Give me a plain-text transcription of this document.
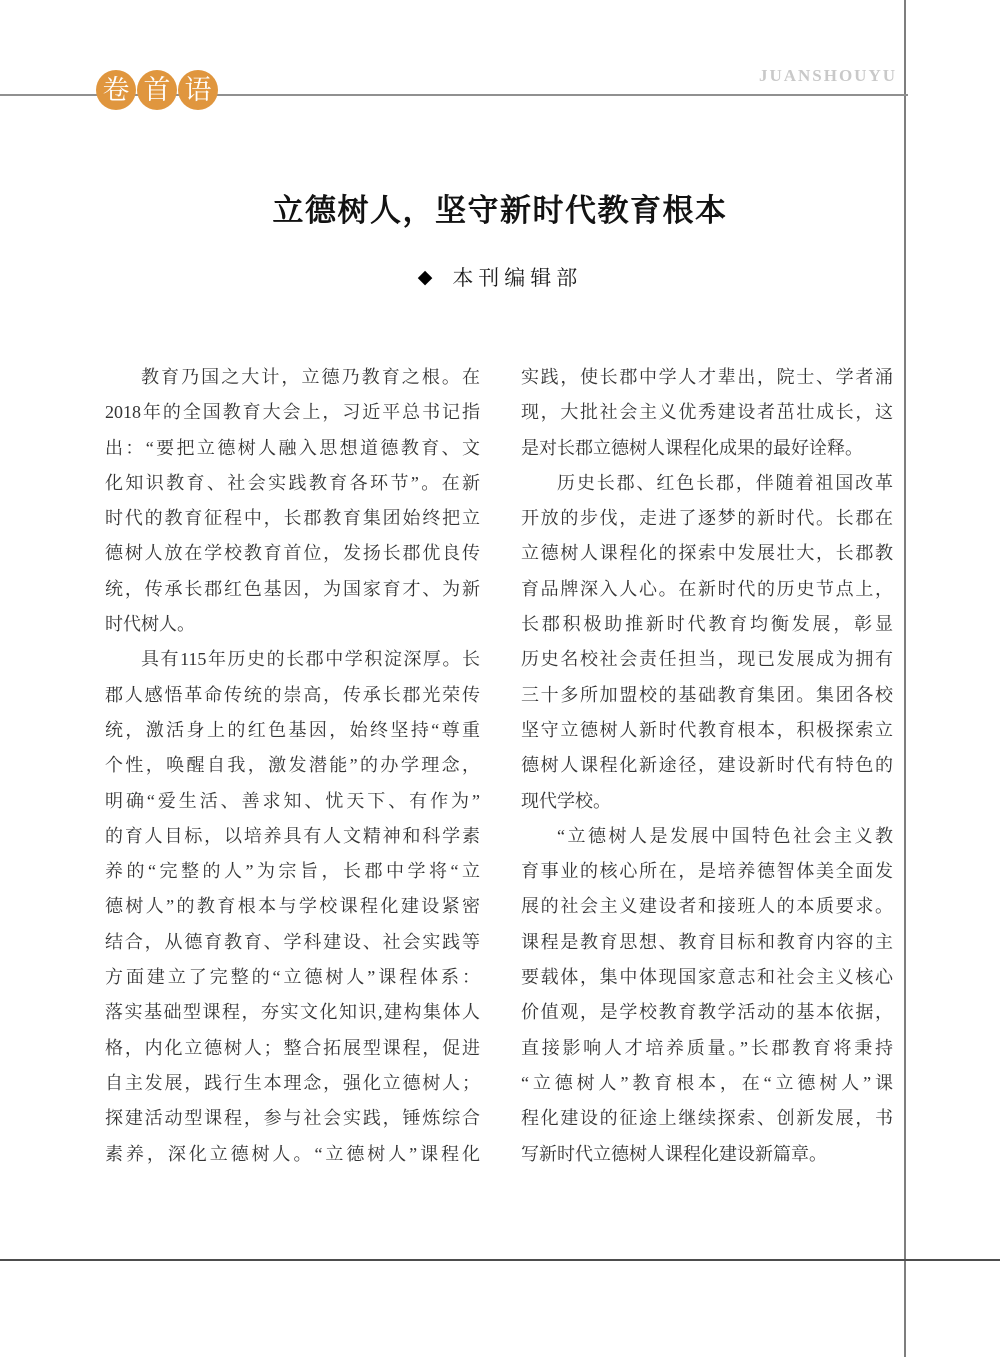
卷 首 语	JUANSHOUYU
立德树人，坚守新时代教育根本
◆ 本刊编辑部
教育乃国之大计，立德乃教育之根。在
2018年的全国教育大会上，习近平总书记指
出：“要把立德树人融入思想道德教育、文
化知识教育、社会实践教育各环节”。在新
时代的教育征程中，长郡教育集团始终把立
德树人放在学校教育首位，发扬长郡优良传
统，传承长郡红色基因，为国家育才、为新
时代树人。
具有115年历史的长郡中学积淀深厚。长
郡人感悟革命传统的崇高，传承长郡光荣传
统，激活身上的红色基因，始终坚持“尊重
个性，唤醒自我，激发潜能”的办学理念，
明确“爱生活、善求知、忧天下、有作为”
的育人目标，以培养具有人文精神和科学素
养的“完整的人”为宗旨，长郡中学将“立
德树人”的教育根本与学校课程化建设紧密
结合，从德育教育、学科建设、社会实践等
方面建立了完整的“立德树人”课程体系：
落实基础型课程，夯实文化知识,建构集体人
格，内化立德树人；整合拓展型课程，促进
自主发展，践行生本理念，强化立德树人；
探建活动型课程，参与社会实践，锤炼综合
素养，深化立德树人。“立德树人”课程化
实践，使长郡中学人才辈出，院士、学者涌
现，大批社会主义优秀建设者茁壮成长，这
是对长郡立德树人课程化成果的最好诠释。
历史长郡、红色长郡，伴随着祖国改革
开放的步伐，走进了逐梦的新时代。长郡在
立德树人课程化的探索中发展壮大，长郡教
育品牌深入人心。在新时代的历史节点上，
长郡积极助推新时代教育均衡发展，彰显
历史名校社会责任担当，现已发展成为拥有
三十多所加盟校的基础教育集团。集团各校
坚守立德树人新时代教育根本，积极探索立
德树人课程化新途径，建设新时代有特色的
现代学校。
“立德树人是发展中国特色社会主义教
育事业的核心所在，是培养德智体美全面发
展的社会主义建设者和接班人的本质要求。
课程是教育思想、教育目标和教育内容的主
要载体，集中体现国家意志和社会主义核心
价值观，是学校教育教学活动的基本依据，
直接影响人才培养质量。”长郡教育将秉持
“立德树人”教育根本，在“立德树人”课
程化建设的征途上继续探索、创新发展，书
写新时代立德树人课程化建设新篇章。
